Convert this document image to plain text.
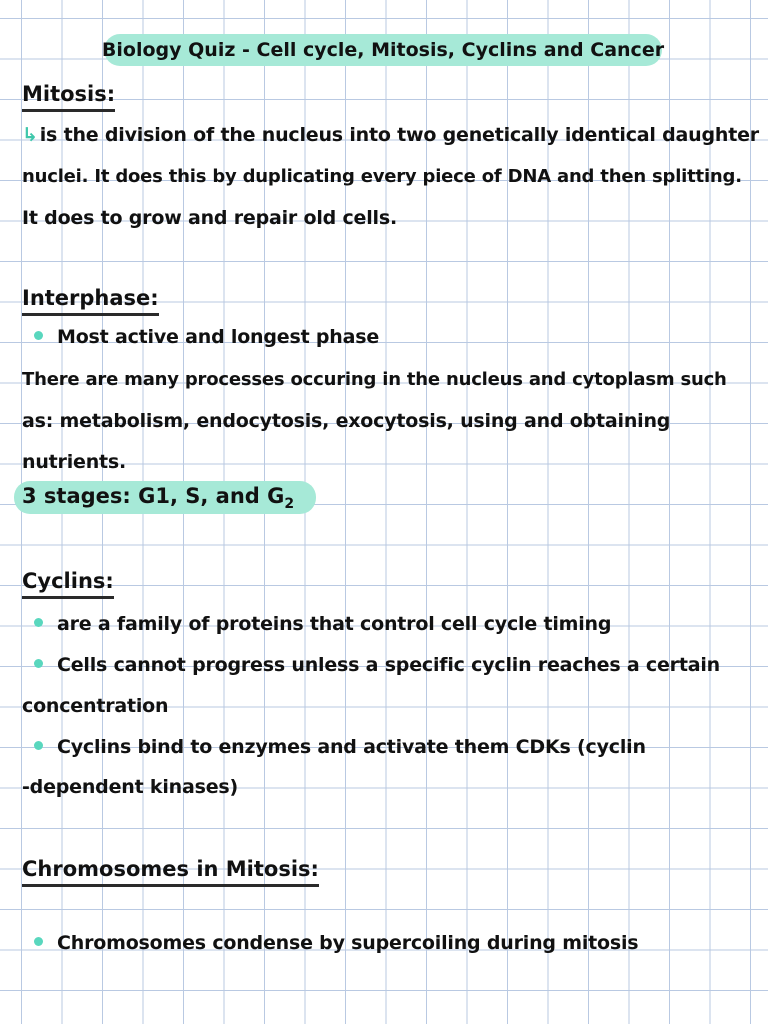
Biology Quiz - Cell cycle, Mitosis, Cyclins and Cancer
Mitosis:
↳ is the division of the nucleus into two genetically identical daughter
nuclei. It does this by duplicating every piece of DNA and then splitting.
It does to grow and repair old cells.
Interphase:
Most active and longest phase
There are many processes occuring in the nucleus and cytoplasm such
as: metabolism, endocytosis, exocytosis, using and obtaining
nutrients.
3 stages: G1, S, and $G_2$
Cyclins:
are a family of proteins that control cell cycle timing
Cells cannot progress unless a specific cyclin reaches a certain
concentration
Cyclins bind to enzymes and activate them CDKs (cyclin
-dependent kinases)
Chromosomes in Mitosis:
Chromosomes condense by supercoiling during mitosis
